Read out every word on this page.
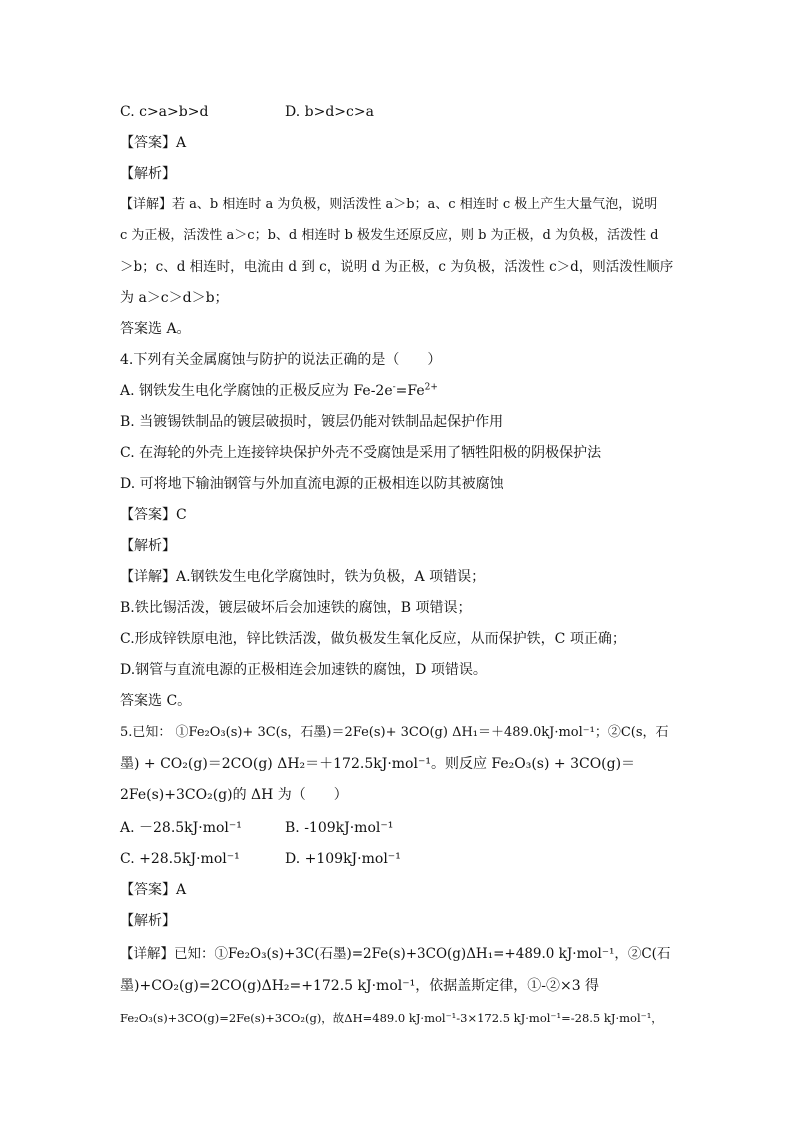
C. c>a>b>d	D. b>d>c>a
【答案】A
【解析】
【详解】若 a、b 相连时 a 为负极，则活泼性 a＞b；a、c 相连时 c 极上产生大量气泡，说明
c 为正极，活泼性 a＞c；b、d 相连时 b 极发生还原反应，则 b 为正极，d 为负极，活泼性 d
＞b；c、d 相连时，电流由 d 到 c，说明 d 为正极，c 为负极，活泼性 c＞d，则活泼性顺序
为 a＞c＞d＞b；
答案选 A。
4.下列有关金属腐蚀与防护的说法正确的是（　　）
A. 钢铁发生电化学腐蚀的正极反应为 $Fe-2e^-=Fe^{2+}$
B. 当镀锡铁制品的镀层破损时，镀层仍能对铁制品起保护作用
C. 在海轮的外壳上连接锌块保护外壳不受腐蚀是采用了牺牲阳极的阴极保护法
D. 可将地下输油钢管与外加直流电源的正极相连以防其被腐蚀
【答案】C
【解析】
【详解】A.钢铁发生电化学腐蚀时，铁为负极，A 项错误；
B.铁比锡活泼，镀层破坏后会加速铁的腐蚀，B 项错误；
C.形成锌铁原电池，锌比铁活泼，做负极发生氧化反应，从而保护铁，C 项正确；
D.钢管与直流电源的正极相连会加速铁的腐蚀，D 项错误。
答案选 C。
5.已知： ①Fe₂O₃(s)+ 3C(s，石墨)＝2Fe(s)+ 3CO(g) ΔH₁＝＋489.0kJ·mol⁻¹；②C(s，石
墨) + CO₂(g)＝2CO(g) ΔH₂＝＋172.5kJ·mol⁻¹。则反应 Fe₂O₃(s) + 3CO(g)＝
2Fe(s)+3CO₂(g)的 ΔH 为（　　）
A. －28.5kJ·mol⁻¹	B. -109kJ·mol⁻¹
C. +28.5kJ·mol⁻¹	D. +109kJ·mol⁻¹
【答案】A
【解析】
【详解】已知：①Fe₂O₃(s)+3C(石墨)=2Fe(s)+3CO(g)ΔH₁=+489.0 kJ·mol⁻¹，②C(石
墨)+CO₂(g)=2CO(g)ΔH₂=+172.5 kJ·mol⁻¹，依据盖斯定律，①-②×3 得
Fe₂O₃(s)+3CO(g)=2Fe(s)+3CO₂(g)，故ΔH=489.0 kJ·mol⁻¹-3×172.5 kJ·mol⁻¹=-28.5 kJ·mol⁻¹，
